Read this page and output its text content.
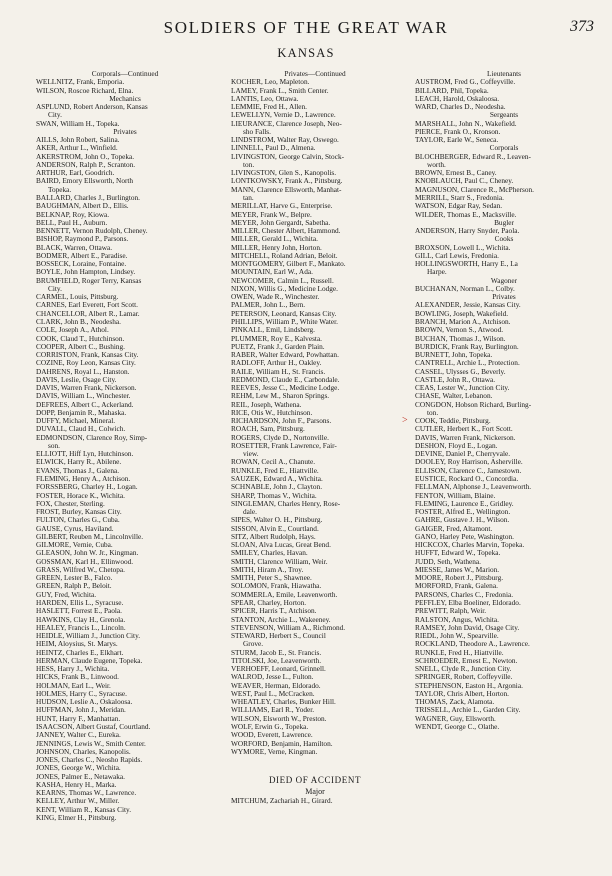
SOLDIERS OF THE GREAT WAR	373
KANSAS
Corporals—Continued
WELLNITZ, Frank, Emporia.
WILSON, Roscoe Richard, Elna.
Mechanics
ASPLUND, Robert Anderson, Kansas
City.
SWAN, William H., Topeka.
Privates
AILLS, John Robert, Salina.
AKER, Arthur L., Winfield.
AKERSTROM, John O., Topeka.
ANDERSON, Ralph P., Scranton.
ARTHUR, Earl, Goodrich.
BAIRD, Emory Ellsworth, North
Topeka.
BALLARD, Charles J., Burlington.
BAUGHMAN, Albert D., Ellis.
BELKNAP, Roy, Kiowa.
BELL, Paul H., Auburn.
BENNETT, Vernon Rudolph, Cheney.
BISHOP, Raymond P., Parsons.
BLACK, Warren, Ottawa.
BODMER, Albert E., Paradise.
BOSSECK, Loraine, Fontaine.
BOYLE, John Hampton, Lindsey.
BRUMFIELD, Roger Terry, Kansas
City.
CARMEL, Louis, Pittsburg.
CARNES, Earl Everett, Fort Scott.
CHANCELLOR, Albert R., Lamar.
CLARK, John B., Neodesha.
COLE, Joseph A., Athol.
COOK, Claud T., Hutchinson.
COOPER, Albert C., Bushing.
CORRISTON, Frank, Kansas City.
COZINE, Roy Leon, Kansas City.
DAHRENS, Royal L., Hanston.
DAVIS, Leslie, Osage City.
DAVIS, Warren Frank, Nickerson.
DAVIS, William L., Winchester.
DEFREES, Albert C., Ackerland.
DOPP, Benjamin R., Mahaska.
DUFFY, Michael, Mineral.
DUVALL, Claud H., Colwich.
EDMONDSON, Clarence Roy, Simp-
son.
ELLIOTT, Hiff Lyn, Hutchinson.
ELWICK, Harry R., Abilene.
EVANS, Thomas J., Galena.
FLEMING, Henry A., Atchison.
FORSSBERG, Charley H., Logan.
FOSTER, Horace K., Wichita.
FOX, Chester, Sterling.
FROST, Burley, Kansas City.
FULTON, Charles G., Cuba.
GAUSE, Cyrus, Haviland.
GILBERT, Reuben M., Lincolnville.
GILMORE, Vernie, Cuba.
GLEASON, John W. Jr., Kingman.
GOSSMAN, Karl H., Ellinwood.
GRASS, Wilfred W., Chetopa.
GREEN, Lester B., Falco.
GREEN, Ralph P., Beloit.
GUY, Fred, Wichita.
HARDEN, Ellis L., Syracuse.
HASLETT, Forrest E., Paola.
HAWKINS, Clay H., Grenola.
HEALEY, Francis L., Lincoln.
HEIDLE, William J., Junction City.
HEIM, Aloysius, St. Marys.
HEINTZ, Charles E., Elkhart.
HERMAN, Claude Eugene, Topeka.
HESS, Harry J., Wichita.
HICKS, Frank B., Linwood.
HOLMAN, Earl L., Weir.
HOLMES, Harry C., Syracuse.
HUDSON, Leslie A., Oskaloosa.
HUFFMAN, John J., Meridan.
HUNT, Harry F., Manhattan.
ISAACSON, Albert Gustaf, Courtland.
JANNEY, Walter C., Eureka.
JENNINGS, Lewis W., Smith Center.
JOHNSON, Charles, Kanopolis.
JONES, Charles C., Neosho Rapids.
JONES, George W., Wichita.
JONES, Palmer E., Netawaka.
KASHA, Henry H., Marka.
KEARNS, Thomas W., Lawrence.
KELLEY, Arthur W., Miller.
KENT, William R., Kansas City.
KING, Elmer H., Pittsburg.
Privates—Continued
KOCHER, Leo, Mapleton.
LAMEY, Frank L., Smith Center.
LANTIS, Leo, Ottawa.
LEMMIE, Fred H., Allen.
LEWELLYN, Vernie D., Lawrence.
LIEURANCE, Clarence Joseph, Neo-
sho Falls.
LINDSTROM, Walter Ray, Oswego.
LINNELL, Paul D., Almena.
LIVINGSTON, George Calvin, Stock-
ton.
LIVINGSTON, Glen S., Kanopolis.
LONTKOWSKY, Frank A., Pittsburg.
MANN, Clarence Ellsworth, Manhat-
tan.
MERILLAT, Harve G., Enterprise.
MEYER, Frank W., Belpre.
MEYER, John Gergardt, Sabetha.
MILLER, Chester Albert, Hammond.
MILLER, Gerald L., Wichita.
MILLER, Henry John, Horton.
MITCHELL, Roland Adrian, Beloit.
MONTGOMERY, Gilbert F., Mankato.
MOUNTAIN, Earl W., Ada.
NEWCOMER, Calmin L., Russell.
NIXON, Willis G., Medicine Lodge.
OWEN, Wade R., Winchester.
PALMER, John L., Bern.
PETERSON, Leonard, Kansas City.
PHILLIPS, William P., White Water.
PINKALL, Emil, Lindsberg.
PLUMMER, Roy E., Kalvesta.
PUETZ, Frank J., Garden Plain.
RABER, Walter Edward, Powhattan.
RADLOFF, Arthur H., Oakley.
RAILE, William H., St. Francis.
REDMOND, Claude E., Carbondale.
REEVES, Jesse C., Medicine Lodge.
REHM, Lew M., Sharon Springs.
REIL, Joseph, Wathena.
RICE, Otis W., Hutchinson.
RICHARDSON, John F., Parsons.
ROACH, Sam, Pittsburg.
ROGERS, Clyde D., Nortonville.
ROSETTER, Frank Lawrence, Fair-
view.
ROWAN, Cecil A., Chanute.
RUNKLE, Fred E., Hiattville.
SAUZEK, Edward A., Wichita.
SCHNABLE, John J., Clayton.
SHARP, Thomas V., Wichita.
SINGLEMAN, Charles Henry, Rose-
dale.
SIPES, Walter O. H., Pittsburg.
SISSON, Alvin E., Courtland.
SITZ, Albert Rudolph, Hays.
SLOAN, Alva Lucas, Great Bend.
SMILEY, Charles, Havan.
SMITH, Clarence William, Weir.
SMITH, Hiram A., Troy.
SMITH, Peter S., Shawnee.
SOLOMON, Frank, Hiawatha.
SOMMERLA, Emile, Leavenworth.
SPEAR, Charley, Horton.
SPICER, Harris T., Atchison.
STANTON, Archie L., Wakeeney.
STEVENSON, William A., Richmond.
STEWARD, Herbert S., Council
Grove.
STURM, Jacob E., St. Francis.
TITOLSKI, Joe, Leavenworth.
VERHOEFF, Leonard, Grinnell.
WALROD, Jesse L., Fulton.
WEAVER, Herman, Eldorado.
WEST, Paul L., McCracken.
WHEATLEY, Charles, Bunker Hill.
WILLIAMS, Earl R., Yoder.
WILSON, Elsworth W., Preston.
WOLF, Erwin G., Topeka.
WOOD, Everett, Lawrence.
WORFORD, Benjamin, Hamilton.
WYMORE, Verne, Kingman.
DIED OF ACCIDENT
Major
MITCHUM, Zachariah H., Girard.
Lieutenants
AUSTROM, Fred G., Coffeyville.
BILLARD, Phil, Topeka.
LEACH, Harold, Oskaloosa.
WARD, Charles D., Neodesha.
Sergeants
MARSHALL, John N., Wakefield.
PIERCE, Frank O., Kronson.
TAYLOR, Earle W., Seneca.
Corporals
BLOCHBERGER, Edward R., Leaven-
worth.
BROWN, Ernest B., Caney.
KNOBLAUCH, Paul C., Cheney.
MAGNUSON, Clarence R., McPherson.
MERRILL, Starr S., Fredonia.
WATSON, Edgar Ray, Sedan.
WILDER, Thomas E., Macksville.
Bugler
ANDERSON, Harry Snyder, Paola.
Cooks
BROXSON, Lowell L., Wichita.
GILL, Carl Lewis, Fredonia.
HOLLINGSWORTH, Harry E., La
Harpe.
Wagoner
BUCHANAN, Norman L., Colby.
Privates
ALEXANDER, Jessie, Kansas City.
BOWLING, Joseph, Wakefield.
BRANCH, Marion A., Atchison.
BROWN, Vernon S., Atwood.
BUCHAN, Thomas J., Wilson.
BURDICK, Frank Ray, Burlington.
BURNETT, John, Topeka.
CANTRELL, Archie L., Protection.
CASSEL, Ulysses G., Beverly.
CASTLE, John R., Ottawa.
CEAS, Lester W., Junction City.
CHASE, Walter, Lebanon.
CONGDON, Hobson Richard, Burling-
ton.
COOK, Teddie, Pittsburg.
CUTLER, Herbert K., Fort Scott.
DAVIS, Warren Frank, Nickerson.
DESHON, Floyd E., Logan.
DEVINE, Daniel P., Cherryvale.
DOOLEY, Roy Harrison, Asherville.
ELLISON, Clarence C., Jamestown.
EUSTICE, Rockard O., Concordia.
FELLMAN, Alphonse J., Leavenworth.
FENTON, William, Blaine.
FLEMING, Laurence E., Gridley.
FOSTER, Alfred E., Wellington.
GAHRE, Gustave J. H., Wilson.
GAIGER, Fred, Altamont.
GANO, Harley Pete, Washington.
HICKCOX, Charles Marvin, Topeka.
HUFFT, Edward W., Topeka.
JUDD, Seth, Wathena.
MIESSE, James W., Marion.
MOORE, Robert J., Pittsburg.
MORFORD, Frank, Galena.
PARSONS, Charles C., Fredonia.
PEFFLEY, Elba Boeliner, Eldorado.
PREWITT, Ralph, Weir.
RALSTON, Angus, Wichita.
RAMSEY, John David, Osage City.
RIEDL, John W., Spearville.
ROCKLAND, Theodore A., Lawrence.
RUNKLE, Fred H., Hiattville.
SCHROEDER, Ernest E., Newton.
SNELL, Clyde R., Junction City.
SPRINGER, Robert, Coffeyville.
STEPHENSON, Easton H., Argonia.
TAYLOR, Chris Albert, Horton.
THOMAS, Zack, Alamota.
TRISSELL, Archie L., Garden City.
WAGNER, Guy, Ellsworth.
WENDT, George C., Olathe.
>
